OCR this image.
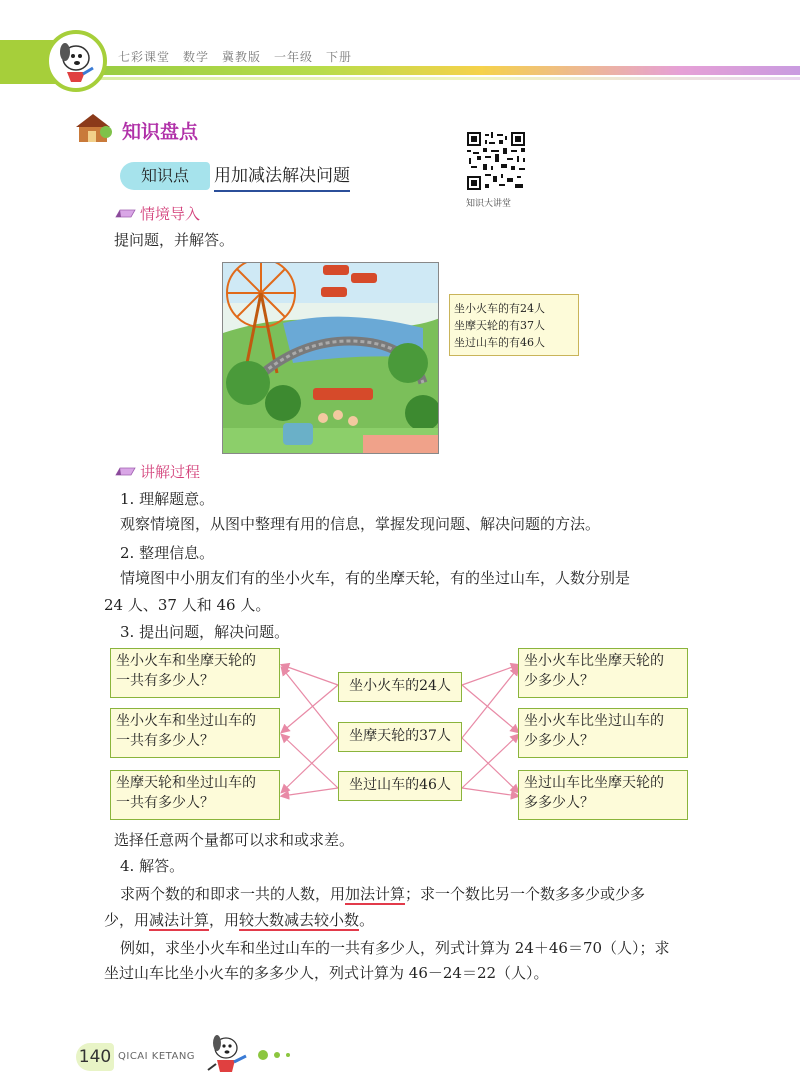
七彩课堂　数学　冀教版　一年级　下册
知识盘点
知识点	用加减法解决问题
知识大讲堂
情境导入
提问题，并解答。
坐小火车的有24人
坐摩天轮的有37人
坐过山车的有46人
讲解过程
1. 理解题意。
观察情境图，从图中整理有用的信息，掌握发现问题、解决问题的方法。
2. 整理信息。
情境图中小朋友们有的坐小火车，有的坐摩天轮，有的坐过山车，人数分别是
24 人、37 人和 46 人。
3. 提出问题，解决问题。
坐小火车和坐摩天轮的
一共有多少人？
坐小火车和坐过山车的
一共有多少人？
坐摩天轮和坐过山车的
一共有多少人？
坐小火车的24人
坐摩天轮的37人
坐过山车的46人
坐小火车比坐摩天轮的
少多少人？
坐小火车比坐过山车的
少多少人？
坐过山车比坐摩天轮的
多多少人？
选择任意两个量都可以求和或求差。
4. 解答。
求两个数的和即求一共的人数，用加法计算；求一个数比另一个数多多少或少多
少，用减法计算，用较大数减去较小数。
例如，求坐小火车和坐过山车的一共有多少人，列式计算为 24＋46＝70（人）；求
坐过山车比坐小火车的多多少人，列式计算为 46－24＝22（人）。
140 QICAI KETANG
